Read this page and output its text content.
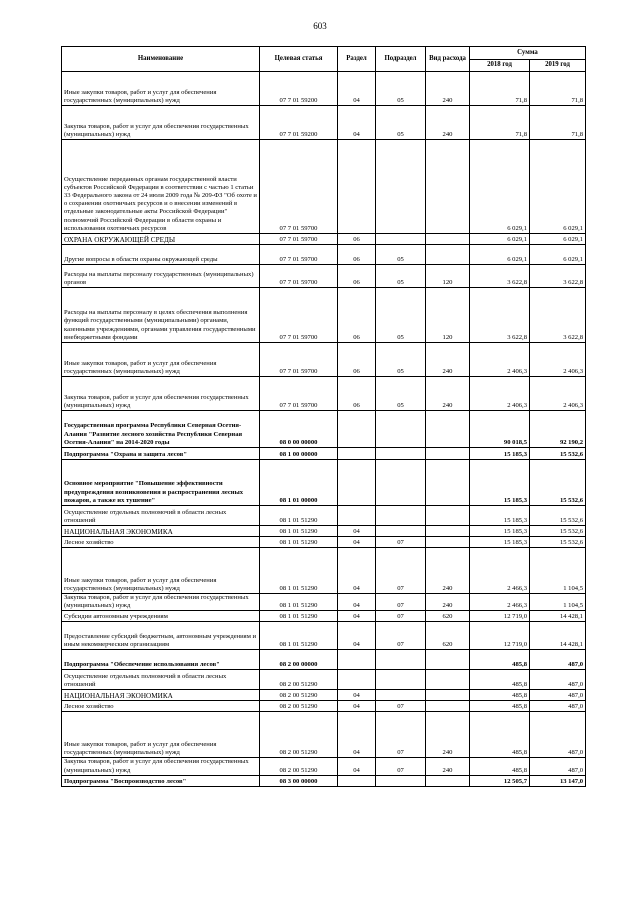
603
Наименование	Целевая статья	Раздел	Подраздел	Вид расхода	Сумма	
					2018 год	2019 год
Иные закупки товаров, работ и услуг для обеспечения государственных (муниципальных) нужд	07 7 01 59200	04	05	240	71,8	71,8
Закупка товаров, работ и услуг для обеспечения государственных (муниципальных) нужд	07 7 01 59200	04	05	240	71,8	71,8
Осуществление переданных органам государственной власти субъектов Российской Федерации в соответствии с частью 1 статьи 33 Федерального закона от 24 июля 2009 года № 209-ФЗ "Об охоте и о сохранении охотничьих ресурсов и о внесении изменений в отдельные законодательные акты Российской Федерации" полномочий Российской Федерации в области охраны и использования охотничьих ресурсов	07 7 01 59700				6 029,1	6 029,1
ОХРАНА ОКРУЖАЮЩЕЙ СРЕДЫ	07 7 01 59700	06			6 029,1	6 029,1
Другие вопросы в области охраны окружающей среды	07 7 01 59700	06	05		6 029,1	6 029,1
Расходы на выплаты персоналу государственных (муниципальных) органов	07 7 01 59700	06	05	120	3 622,8	3 622,8
Расходы на выплаты персоналу в целях обеспечения выполнения функций государственными (муниципальными) органами, казенными учреждениями, органами управления государственными внебюджетными фондами	07 7 01 59700	06	05	120	3 622,8	3 622,8
Иные закупки товаров, работ и услуг для обеспечения государственных (муниципальных) нужд	07 7 01 59700	06	05	240	2 406,3	2 406,3
Закупка товаров, работ и услуг для обеспечения государственных (муниципальных) нужд	07 7 01 59700	06	05	240	2 406,3	2 406,3
Государственная программа Республики Северная Осетия-Алания "Развитие лесного хозяйства Республики Северная Осетия-Алания" на 2014-2020 годы	08 0 00 00000				90 018,5	92 190,2
Подпрограмма "Охрана и защита лесов"	08 1 00 00000				15 185,3	15 532,6
Основное мероприятие "Повышение эффективности предупреждения возникновения и распространения лесных пожаров, а также их тушение"	08 1 01 00000				15 185,3	15 532,6
Осуществление отдельных полномочий в области лесных отношений	08 1 01 51290				15 185,3	15 532,6
НАЦИОНАЛЬНАЯ ЭКОНОМИКА	08 1 01 51290	04			15 185,3	15 532,6
Лесное хозяйство	08 1 01 51290	04	07		15 185,3	15 532,6
Иные закупки товаров, работ и услуг для обеспечения государственных (муниципальных) нужд	08 1 01 51290	04	07	240	2 466,3	1 104,5
Закупка товаров, работ и услуг для обеспечения государственных (муниципальных) нужд	08 1 01 51290	04	07	240	2 466,3	1 104,5
Субсидии автономным учреждениям	08 1 01 51290	04	07	620	12 719,0	14 428,1
Предоставление субсидий бюджетным, автономным учреждениям и иным некоммерческим организациям	08 1 01 51290	04	07	620	12 719,0	14 428,1
Подпрограмма "Обеспечение использования лесов"	08 2 00 00000				485,8	487,0
Осуществление отдельных полномочий в области лесных отношений	08 2 00 51290				485,8	487,0
НАЦИОНАЛЬНАЯ ЭКОНОМИКА	08 2 00 51290	04			485,8	487,0
Лесное хозяйство	08 2 00 51290	04	07		485,8	487,0
Иные закупки товаров, работ и услуг для обеспечения государственных (муниципальных) нужд	08 2 00 51290	04	07	240	485,8	487,0
Закупка товаров, работ и услуг для обеспечения государственных (муниципальных) нужд	08 2 00 51290	04	07	240	485,8	487,0
Подпрограмма "Воспроизводство лесов"	08 3 00 00000				12 505,7	13 147,0
